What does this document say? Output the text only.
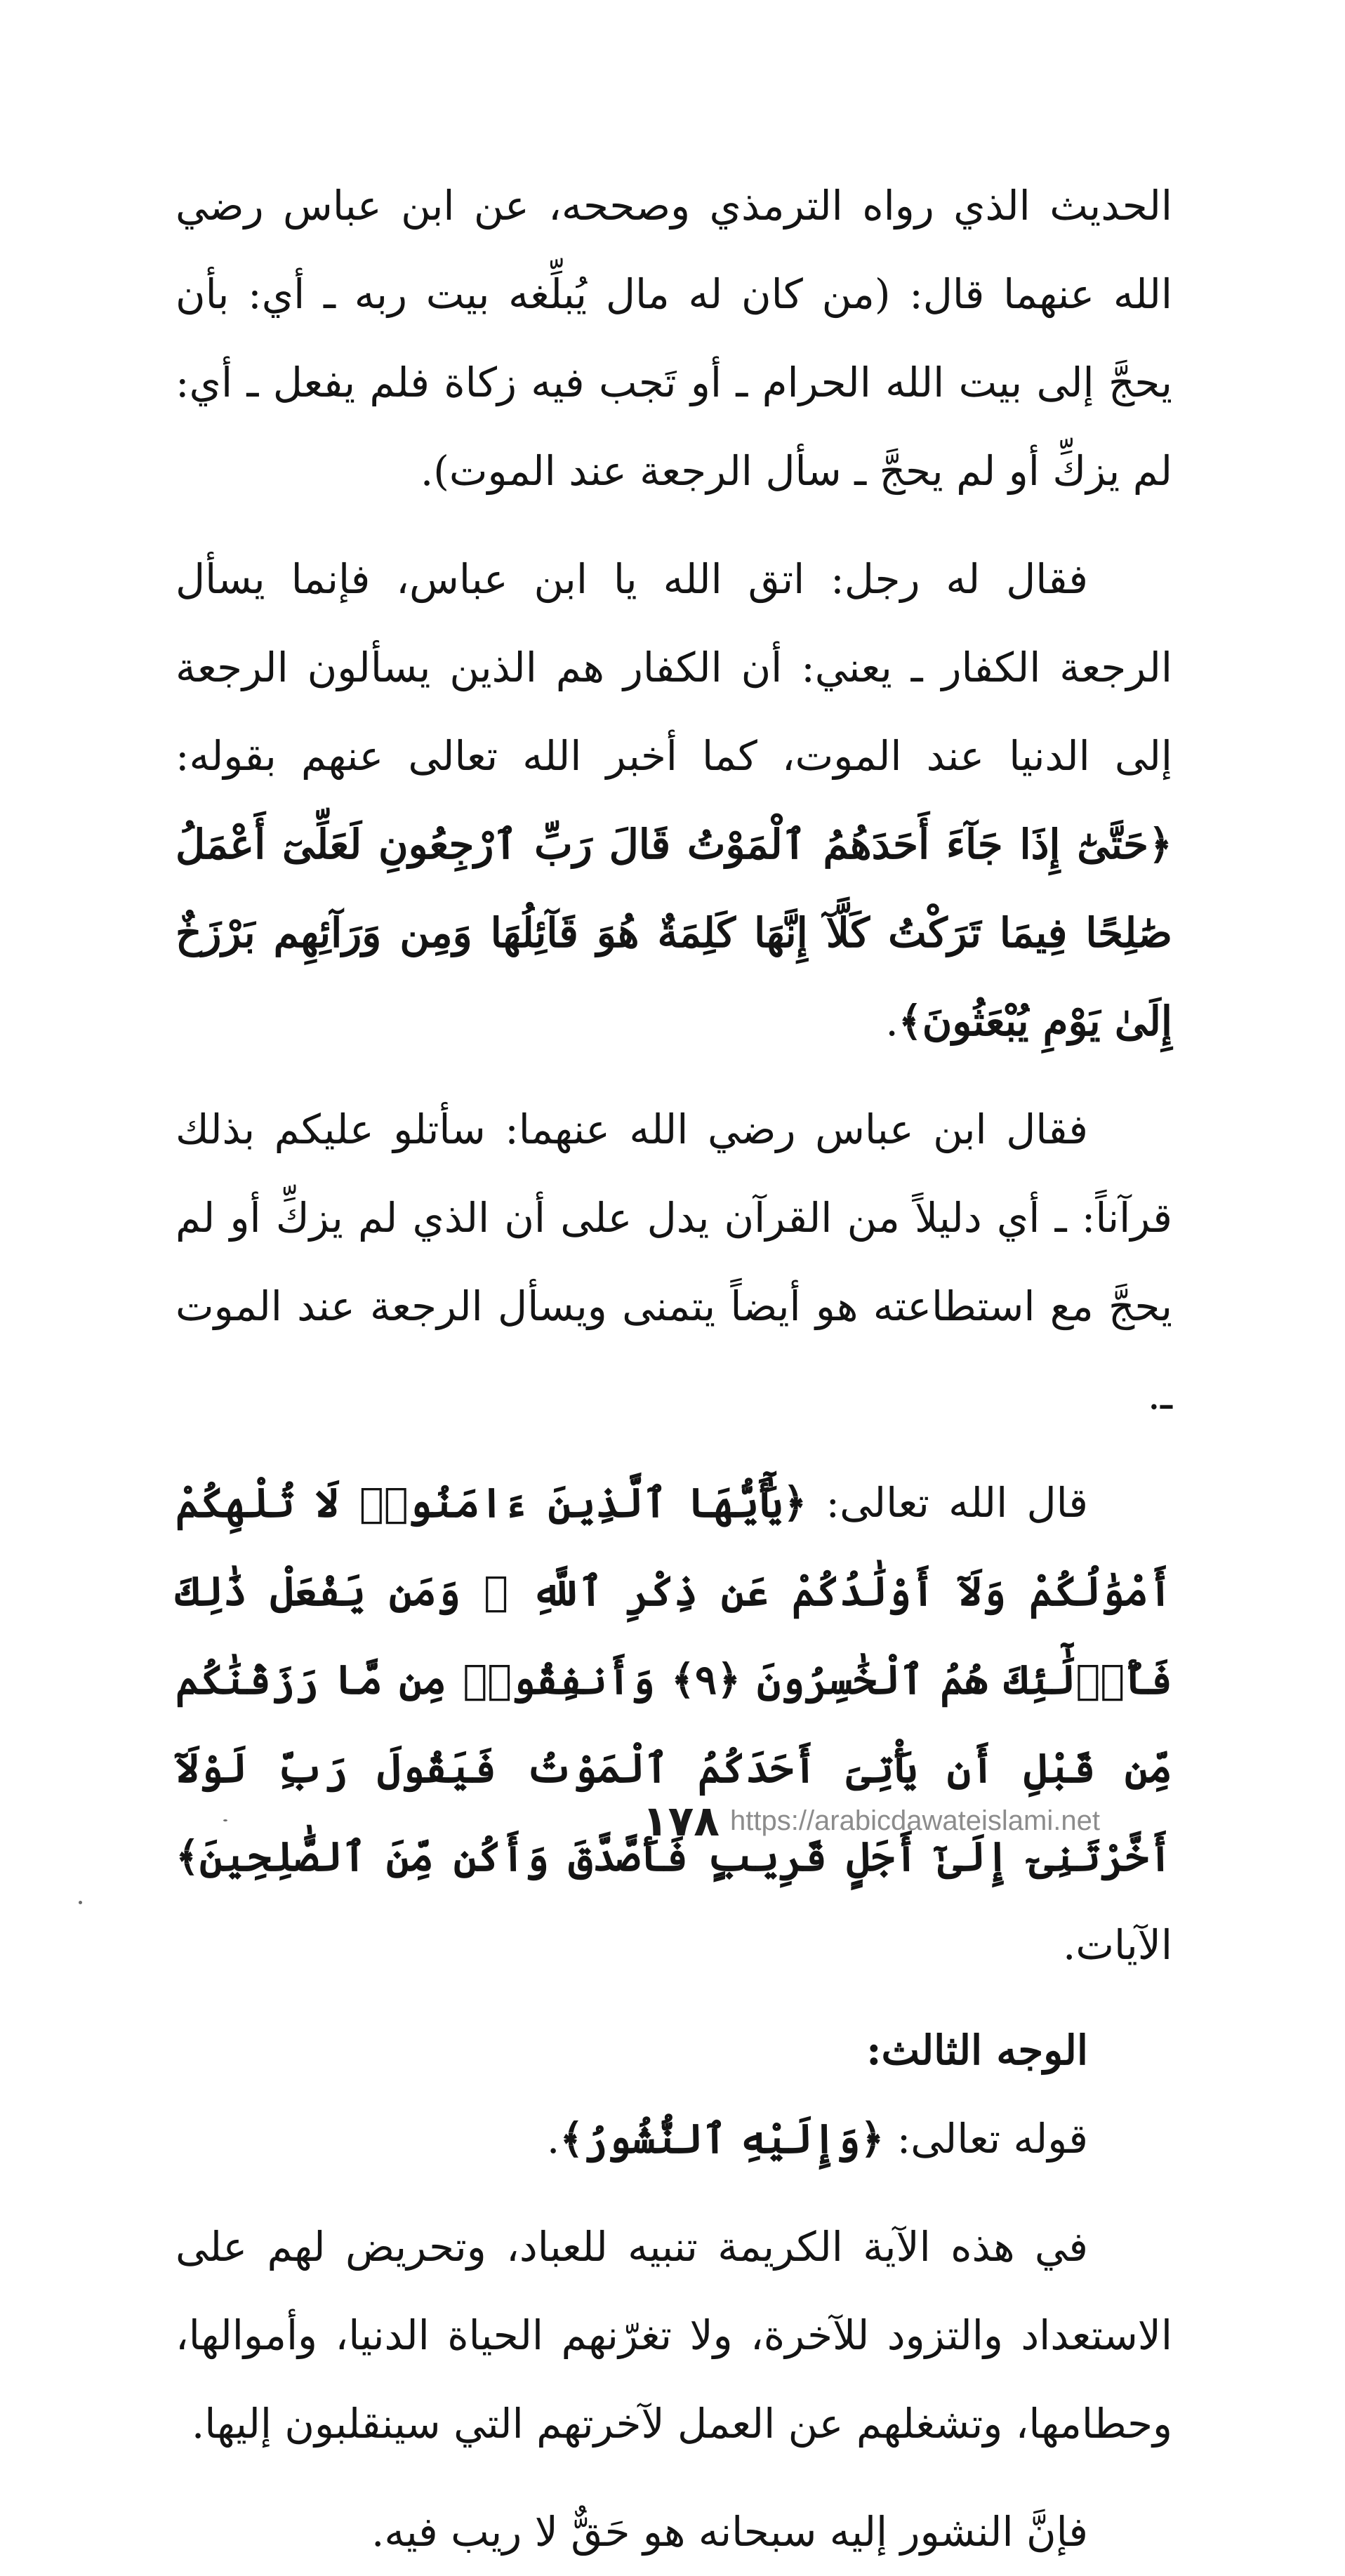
الحديث الذي رواه الترمذي وصححه، عن ابن عباس رضي الله عنهما قال: (من كان له مال يُبلِّغه بيت ربه ـ أي: بأن يحجَّ إلى بيت الله الحرام ـ أو تَجب فيه زكاة فلم يفعل ـ أي: لم يزكِّ أو لم يحجَّ ـ سأل الرجعة عند الموت).

فقال له رجل: اتق الله يا ابن عباس، فإنما يسأل الرجعة الكفار ـ يعني: أن الكفار هم الذين يسألون الرجعة إلى الدنيا عند الموت، كما أخبر الله تعالى عنهم بقوله: ﴿حَتَّىٰٓ إِذَا جَآءَ أَحَدَهُمُ ٱلْمَوْتُ قَالَ رَبِّ ٱرْجِعُونِ لَعَلِّىٓ أَعْمَلُ صَٰلِحًا فِيمَا تَرَكْتُ كَلَّآ إِنَّهَا كَلِمَةٌ هُوَ قَآئِلُهَا وَمِن وَرَآئِهِم بَرْزَخٌ إِلَىٰ يَوْمِ يُبْعَثُونَ﴾.

فقال ابن عباس رضي الله عنهما: سأتلو عليكم بذلك قرآناً: ـ أي دليلاً من القرآن يدل على أن الذي لم يزكِّ أو لم يحجَّ مع استطاعته هو أيضاً يتمنى ويسأل الرجعة عند الموت ـ.

قال الله تعالى: ﴿يَٰٓأَيُّهَا ٱلَّذِينَ ءَامَنُوا۟ لَا تُلْهِكُمْ أَمْوَٰلُكُمْ وَلَآ أَوْلَٰدُكُمْ عَن ذِكْرِ ٱللَّهِ ۚ وَمَن يَفْعَلْ ذَٰلِكَ فَأُو۟لَٰٓئِكَ هُمُ ٱلْخَٰسِرُونَ ﴿٩﴾ وَأَنفِقُوا۟ مِن مَّا رَزَقْنَٰكُم مِّن قَبْلِ أَن يَأْتِىَ أَحَدَكُمُ ٱلْمَوْتُ فَيَقُولَ رَبِّ لَوْلَآ أَخَّرْتَنِىٓ إِلَىٰٓ أَجَلٍ قَرِيبٍ فَأَصَّدَّقَ وَأَكُن مِّنَ ٱلصَّٰلِحِينَ﴾ الآيات.

الوجه الثالث:

قوله تعالى: ﴿وَإِلَيْهِ ٱلنُّشُورُ﴾.

في هذه الآية الكريمة تنبيه للعباد، وتحريض لهم على الاستعداد والتزود للآخرة، ولا تغرّنهم الحياة الدنيا، وأموالها، وحطامها، وتشغلهم عن العمل لآخرتهم التي سينقلبون إليها.

فإنَّ النشور إليه سبحانه هو حَقٌّ لا ريب فيه.

١٧٨ https://arabicdawateislami.net
